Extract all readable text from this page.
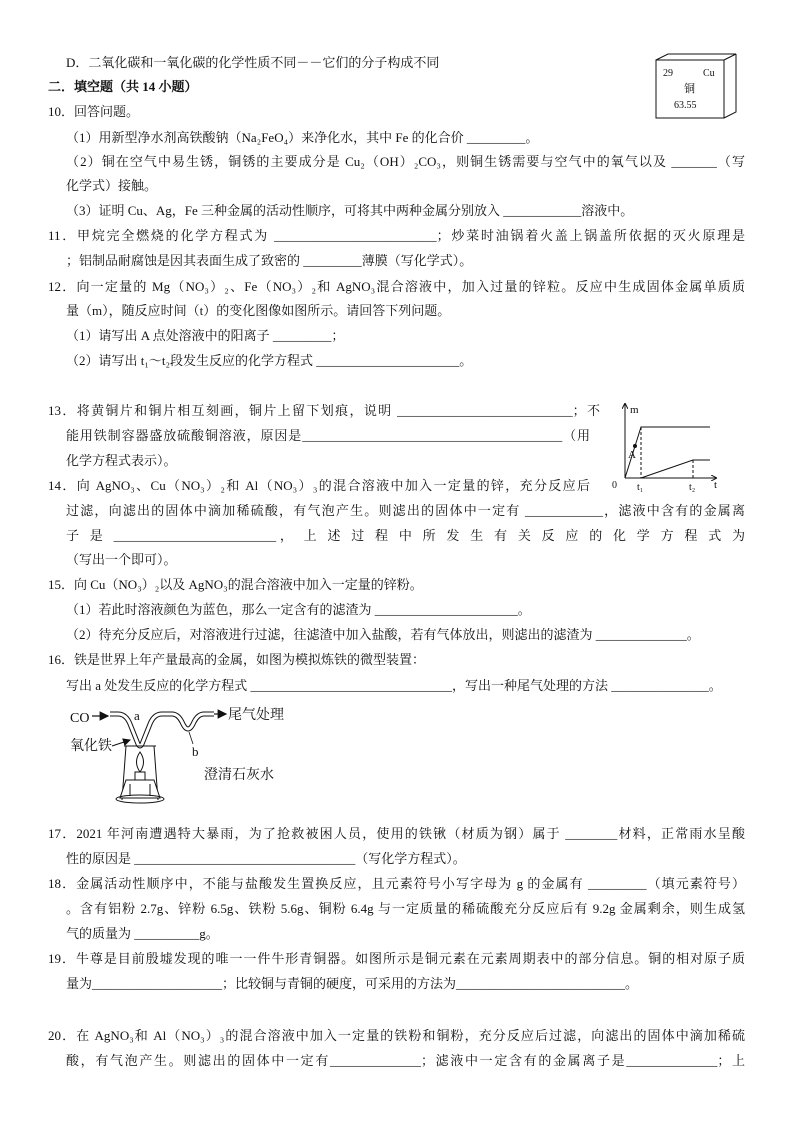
D．二氧化碳和一氧化碳的化学性质不同－－它们的分子构成不同
二．填空题（共 14 小题）
29	Cu
铜
63.55
10．回答问题。
（1）用新型净水剂高铁酸钠（Na₂FeO₄）来净化水，其中 Fe 的化合价 _________。
（2）铜在空气中易生锈，铜锈的主要成分是 Cu₂（OH）₂CO₃，则铜生锈需要与空气中的氧气以及 _______（写
化学式）接触。
（3）证明 Cu、Ag，Fe 三种金属的活动性顺序，可将其中两种金属分别放入 ____________溶液中。
11．甲烷完全燃烧的化学方程式为 _________________________；炒菜时油锅着火盖上锅盖所依据的灭火原理是
；铝制品耐腐蚀是因其表面生成了致密的 _________薄膜（写化学式）。
12．向一定量的 Mg（NO₃）₂、Fe（NO₃）₂和 AgNO₃混合溶液中，加入过量的锌粒。反应中生成固体金属单质质
量（m），随反应时间（t）的变化图像如图所示。请回答下列问题。
（1）请写出 A 点处溶液中的阳离子 _________；
（2）请写出 t₁～t₂段发生反应的化学方程式 ______________________。
13．将黄铜片和铜片相互刻画，铜片上留下划痕，说明 ___________________________；不
能用铁制容器盛放硫酸铜溶液，原因是________________________________________（用
化学方程式表示）。
m
t
0
A
t₁	t₂
14．向 AgNO₃、Cu（NO₃）₂和 Al（NO₃）₃的混合溶液中加入一定量的锌，充分反应后
过滤，向滤出的固体中滴加稀硫酸，有气泡产生。则滤出的固体中一定有 ____________，滤液中含有的金属离
子 是 _________________________， 上 述 过 程 中 所 发 生 有 关 反 应 的 化 学 方 程 式 为
（写出一个即可）。
15．向 Cu（NO₃）₂以及 AgNO₃的混合溶液中加入一定量的锌粉。
（1）若此时溶液颜色为蓝色，那么一定含有的滤渣为 ______________________。
（2）待充分反应后，对溶液进行过滤，往滤渣中加入盐酸，若有气体放出，则滤出的滤渣为 ______________。
16．铁是世界上年产量最高的金属，如图为模拟炼铁的微型装置：
写出 a 处发生反应的化学方程式 _______________________________，写出一种尾气处理的方法 _______________。
CO	a	尾气处理
氧化铁	b
澄清石灰水
17．2021 年河南遭遇特大暴雨，为了抢救被困人员，使用的铁锹（材质为钢）属于 ________材料，正常雨水呈酸
性的原因是 __________________________________（写化学方程式）。
18．金属活动性顺序中，不能与盐酸发生置换反应，且元素符号小写字母为 g 的金属有 _________（填元素符号）
。含有铝粉 2.7g、锌粉 6.5g、铁粉 5.6g、铜粉 6.4g 与一定质量的稀硫酸充分反应后有 9.2g 金属剩余，则生成氢
气的质量为 __________g。
19．牛尊是目前殷墟发现的唯一一件牛形青铜器。如图所示是铜元素在元素周期表中的部分信息。铜的相对原子质
量为____________________；比较铜与青铜的硬度，可采用的方法为__________________________。
20．在 AgNO₃和 Al（NO₃）₃的混合溶液中加入一定量的铁粉和铜粉，充分反应后过滤，向滤出的固体中滴加稀硫
酸，有气泡产生。则滤出的固体中一定有______________；滤液中一定含有的金属离子是______________；上
